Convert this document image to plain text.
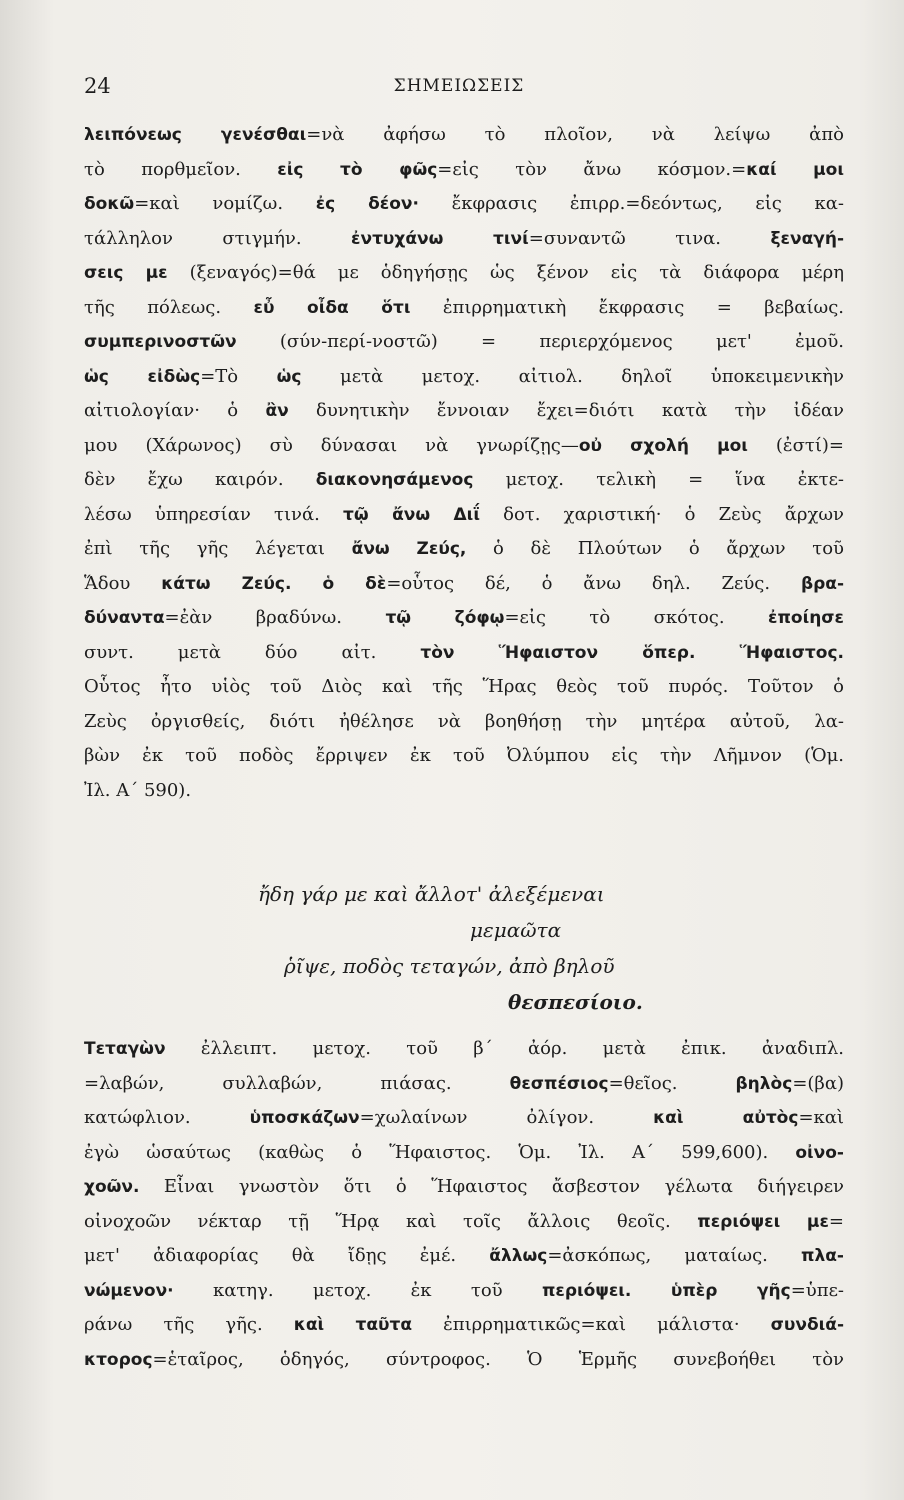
24	ΣΗΜΕΙΩΣΕΙΣ
λειπόνεως γενέσθαι=νὰ ἀφήσω τὸ πλοῖον, νὰ λείψω ἀπὸ
τὸ πορθμεῖον. εἰς τὸ φῶς=εἰς τὸν ἄνω κόσμον.=καί μοι
δοκῶ=καὶ νομίζω. ἐς δέον· ἔκφρασις ἐπιρρ.=δεόντως, εἰς κα-
τάλληλον στιγμήν. ἐντυχάνω τινί=συναντῶ τινα. ξεναγή-
σεις με (ξεναγός)=θά με ὁδηγήσῃς ὡς ξένον εἰς τὰ διάφορα μέρη
τῆς πόλεως. εὖ οἶδα ὅτι ἐπιρρηματικὴ ἔκφρασις = βεβαίως.
συμπερινοστῶν (σύν-περί-νοστῶ) = περιερχόμενος μετ' ἐμοῦ.
ὡς εἰδὼς=Τὸ ὡς μετὰ μετοχ. αἰτιολ. δηλοῖ ὑποκειμενικὴν
αἰτιολογίαν· ὁ ἂν δυνητικὴν ἔννοιαν ἔχει=διότι κατὰ τὴν ἰδέαν
μου (Χάρωνος) σὺ δύνασαι νὰ γνωρίζῃς—οὐ σχολή μοι (ἐστί)=
δὲν ἔχω καιρόν. διακονησάμενος μετοχ. τελικὴ = ἵνα ἐκτε-
λέσω ὑπηρεσίαν τινά. τῷ ἄνω Διΐ δοτ. χαριστική· ὁ Ζεὺς ἄρχων
ἐπὶ τῆς γῆς λέγεται ἄνω Ζεύς, ὁ δὲ Πλούτων ὁ ἄρχων τοῦ
Ἅδου κάτω Ζεύς. ὁ δὲ=οὗτος δέ, ὁ ἄνω δηλ. Ζεύς. βρα-
δύναντα=ἐὰν βραδύνω. τῷ ζόφῳ=εἰς τὸ σκότος. ἐποίησε
συντ. μετὰ δύο αἰτ. τὸν Ἥφαιστον ὅπερ. Ἥφαιστος.
Οὗτος ἦτο υἱὸς τοῦ Διὸς καὶ τῆς Ἥρας θεὸς τοῦ πυρός. Τοῦτον ὁ
Ζεὺς ὀργισθείς, διότι ἠθέλησε νὰ βοηθήσῃ τὴν μητέρα αὐτοῦ, λα-
βὼν ἐκ τοῦ ποδὸς ἔρριψεν ἐκ τοῦ Ὀλύμπου εἰς τὴν Λῆμνον (Ὁμ.
Ἰλ. Α΄ 590).
ἤδη γάρ με καὶ ἄλλοτ' ἀλεξέμεναι
μεμαῶτα
ῥῖψε, ποδὸς τεταγών, ἀπὸ βηλοῦ
θεσπεσίοιο.
Τεταγὼν ἐλλειπτ. μετοχ. τοῦ β΄ ἀόρ. μετὰ ἐπικ. ἀναδιπλ.
=λαβών, συλλαβών, πιάσας. θεσπέσιος=θεῖος. βηλὸς=(βα)
κατώφλιον. ὑποσκάζων=χωλαίνων ὀλίγον. καὶ αὐτὸς=καὶ
ἐγὼ ὡσαύτως (καθὼς ὁ Ἥφαιστος. Ὁμ. Ἰλ. Α΄ 599,600). οἰνο-
χοῶν. Εἶναι γνωστὸν ὅτι ὁ Ἥφαιστος ἄσβεστον γέλωτα διήγειρεν
οἰνοχοῶν νέκταρ τῇ Ἥρᾳ καὶ τοῖς ἄλλοις θεοῖς. περιόψει με=
μετ' ἀδιαφορίας θὰ ἴδῃς ἐμέ. ἄλλως=ἀσκόπως, ματαίως. πλα-
νώμενον· κατηγ. μετοχ. ἐκ τοῦ περιόψει. ὑπὲρ γῆς=ὑπε-
ράνω τῆς γῆς. καὶ ταῦτα ἐπιρρηματικῶς=καὶ μάλιστα· συνδιά-
κτορος=ἑταῖρος, ὁδηγός, σύντροφος. Ὁ Ἑρμῆς συνεβοήθει τὸν
